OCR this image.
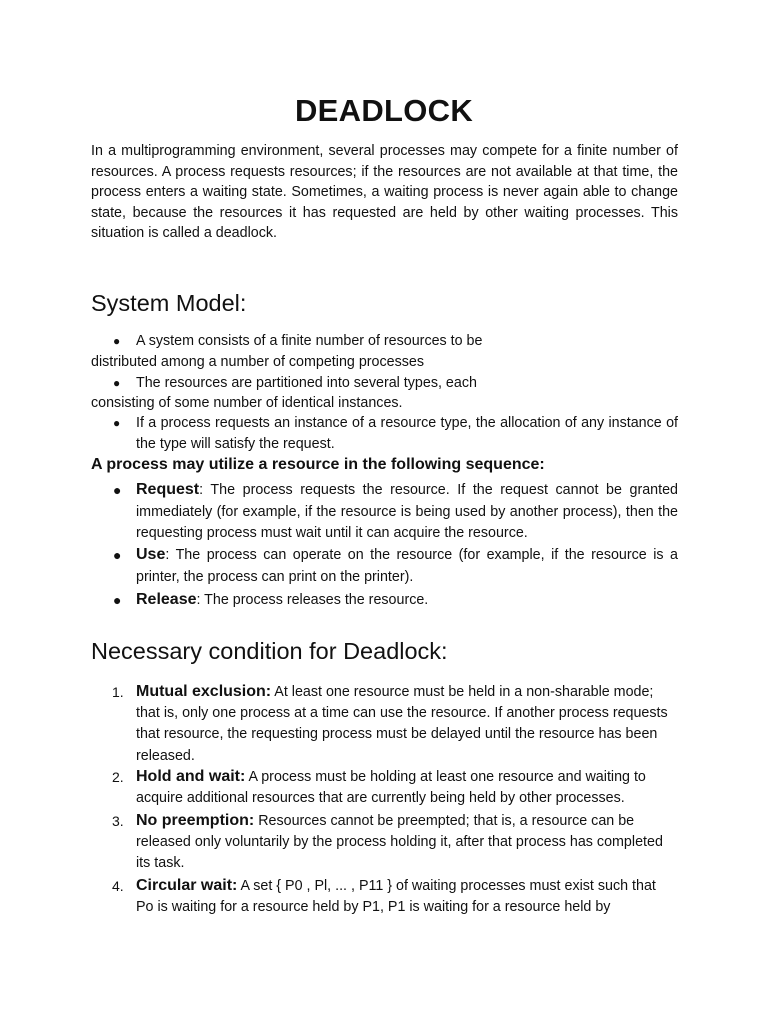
DEADLOCK
In a multiprogramming environment, several processes may compete for a finite number of resources. A process requests resources; if the resources are not available at that time, the process enters a waiting state. Sometimes, a waiting process is never again able to change state, because the resources it has requested are held by other waiting processes. This situation is called a deadlock.
System Model:
● A system consists of a finite number of resources to be
distributed among a number of competing processes
● The resources are partitioned into several types, each
consisting of some number of identical instances.
● If a process requests an instance of a resource type, the allocation of any instance of the type will satisfy the request.
A process may utilize a resource in the following sequence:
● Request: The process requests the resource. If the request cannot be granted immediately (for example, if the resource is being used by another process), then the requesting process must wait until it can acquire the resource.
● Use: The process can operate on the resource (for example, if the resource is a printer, the process can print on the printer).
● Release: The process releases the resource.
Necessary condition for Deadlock:
1. Mutual exclusion: At least one resource must be held in a non-sharable mode; that is, only one process at a time can use the resource. If another process requests that resource, the requesting process must be delayed until the resource has been released.
2. Hold and wait: A process must be holding at least one resource and waiting to acquire additional resources that are currently being held by other processes.
3. No preemption: Resources cannot be preempted; that is, a resource can be released only voluntarily by the process holding it, after that process has completed its task.
4. Circular wait: A set { P0 , Pl, ... , P11 } of waiting processes must exist such that Po is waiting for a resource held by P1, P1 is waiting for a resource held by
